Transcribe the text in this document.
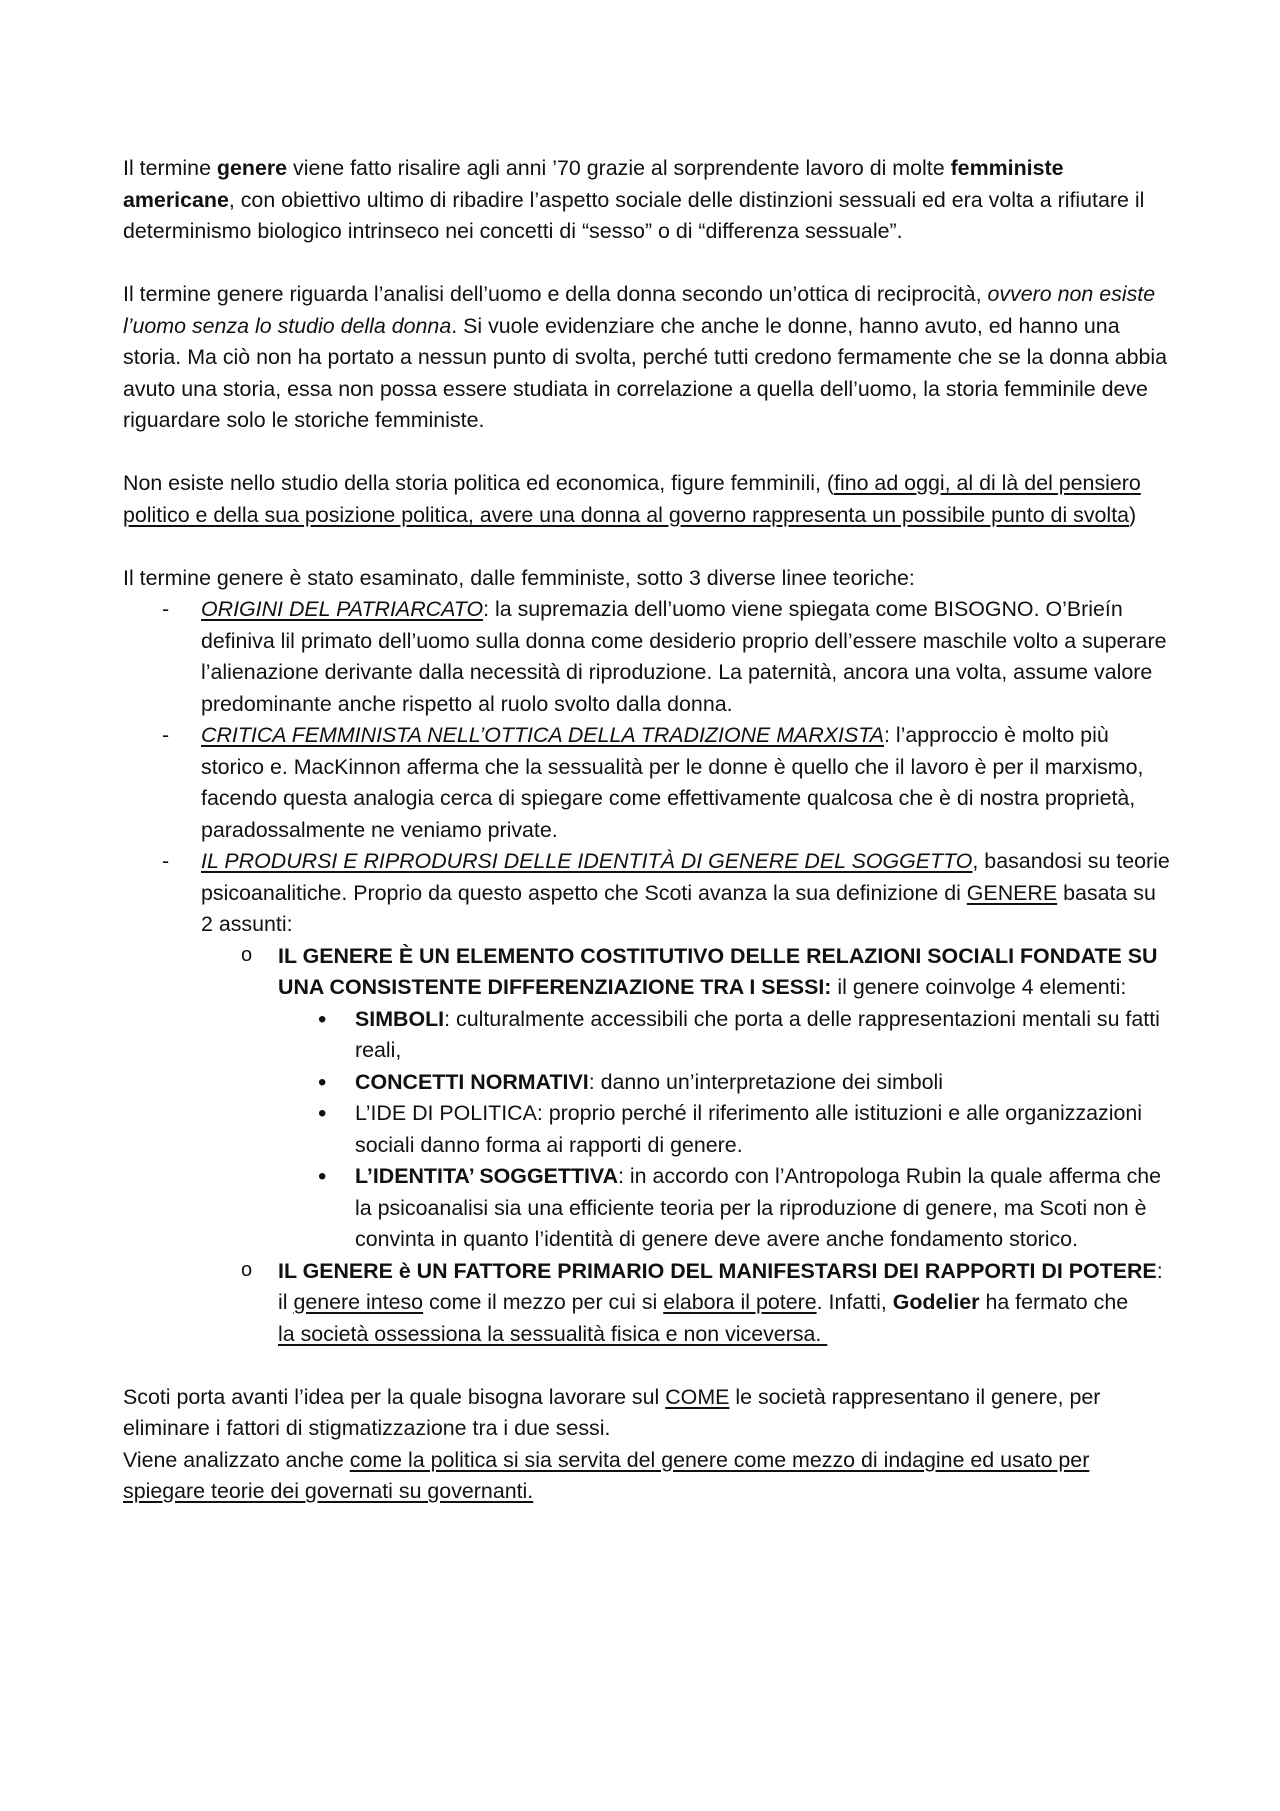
Il termine genere viene fatto risalire agli anni ’70 grazie al sorprendente lavoro di molte femministe americane, con obiettivo ultimo di ribadire l’aspetto sociale delle distinzioni sessuali ed era volta a rifiutare il determinismo biologico intrinseco nei concetti di “sesso” o di “differenza sessuale”.

Il termine genere riguarda l’analisi dell’uomo e della donna secondo un’ottica di reciprocità, ovvero non esiste l’uomo senza lo studio della donna. Si vuole evidenziare che anche le donne, hanno avuto, ed hanno una storia. Ma ciò non ha portato a nessun punto di svolta, perché tutti credono fermamente che se la donna abbia avuto una storia, essa non possa essere studiata in correlazione a quella dell’uomo, la storia femminile deve riguardare solo le storiche femministe.

Non esiste nello studio della storia politica ed economica, figure femminili, (fino ad oggi, al di là del pensiero politico e della sua posizione politica, avere una donna al governo rappresenta un possibile punto di svolta)

Il termine genere è stato esaminato, dalle femministe, sotto 3 diverse linee teoriche:

- ORIGINI DEL PATRIARCATO: la supremazia dell’uomo viene spiegata come BISOGNO. O’Brieín definiva lil primato dell’uomo sulla donna come desiderio proprio dell’essere maschile volto a superare l’alienazione derivante dalla necessità di riproduzione. La paternità, ancora una volta, assume valore predominante anche rispetto al ruolo svolto dalla donna.
- CRITICA FEMMINISTA NELL’OTTICA DELLA TRADIZIONE MARXISTA: l’approccio è molto più storico e. MacKinnon afferma che la sessualità per le donne è quello che il lavoro è per il marxismo, facendo questa analogia cerca di spiegare come effettivamente qualcosa che è di nostra proprietà, paradossalmente ne veniamo private.
- IL PRODURSI E RIPRODURSI DELLE IDENTITÀ DI GENERE DEL SOGGETTO, basandosi su teorie psicoanalitiche. Proprio da questo aspetto che Scoti avanza la sua definizione di GENERE basata su 2 assunti:
o IL GENERE È UN ELEMENTO COSTITUTIVO DELLE RELAZIONI SOCIALI FONDATE SU UNA CONSISTENTE DIFFERENZIAZIONE TRA I SESSI: il genere coinvolge 4 elementi:
• SIMBOLI: culturalmente accessibili che porta a delle rappresentazioni mentali su fatti reali,
• CONCETTI NORMATIVI: danno un’interpretazione dei simboli
• L’IDE DI POLITICA: proprio perché il riferimento alle istituzioni e alle organizzazioni sociali danno forma ai rapporti di genere.
• L’IDENTITA’ SOGGETTIVA: in accordo con l’Antropologa Rubin la quale afferma che la psicoanalisi sia una efficiente teoria per la riproduzione di genere, ma Scoti non è convinta in quanto l’identità di genere deve avere anche fondamento storico.
o IL GENERE è UN FATTORE PRIMARIO DEL MANIFESTARSI DEI RAPPORTI DI POTERE: il genere inteso come il mezzo per cui si elabora il potere. Infatti, Godelier ha fermato che la società ossessiona la sessualità fisica e non viceversa.

Scoti porta avanti l’idea per la quale bisogna lavorare sul COME le società rappresentano il genere, per eliminare i fattori di stigmatizzazione tra i due sessi.
Viene analizzato anche come la politica si sia servita del genere come mezzo di indagine ed usato per spiegare teorie dei governati su governanti.
